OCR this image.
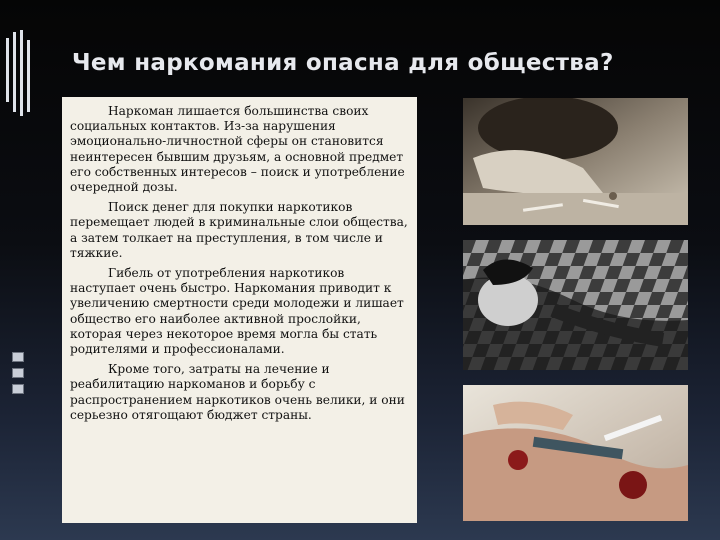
Чем наркомания опасна для общества?

Наркоман лишается большинства своих социальных контактов. Из-за нарушения эмоционально-личностной сферы он становится неинтересен бывшим друзьям, а основной предмет его собственных интересов – поиск и употребление очередной дозы.

Поиск денег для покупки наркотиков перемещает людей в криминальные слои общества, а затем толкает на преступления, в том числе и тяжкие.

Гибель от употребления наркотиков наступает очень быстро. Наркомания приводит к увеличению смертности среди молодежи и лишает общество его наиболее активной прослойки, которая через некоторое время могла бы стать родителями и профессионалами.

Кроме того, затраты на лечение и реабилитацию наркоманов и борьбу с распространением наркотиков очень велики, и они серьезно отягощают бюджет страны.
